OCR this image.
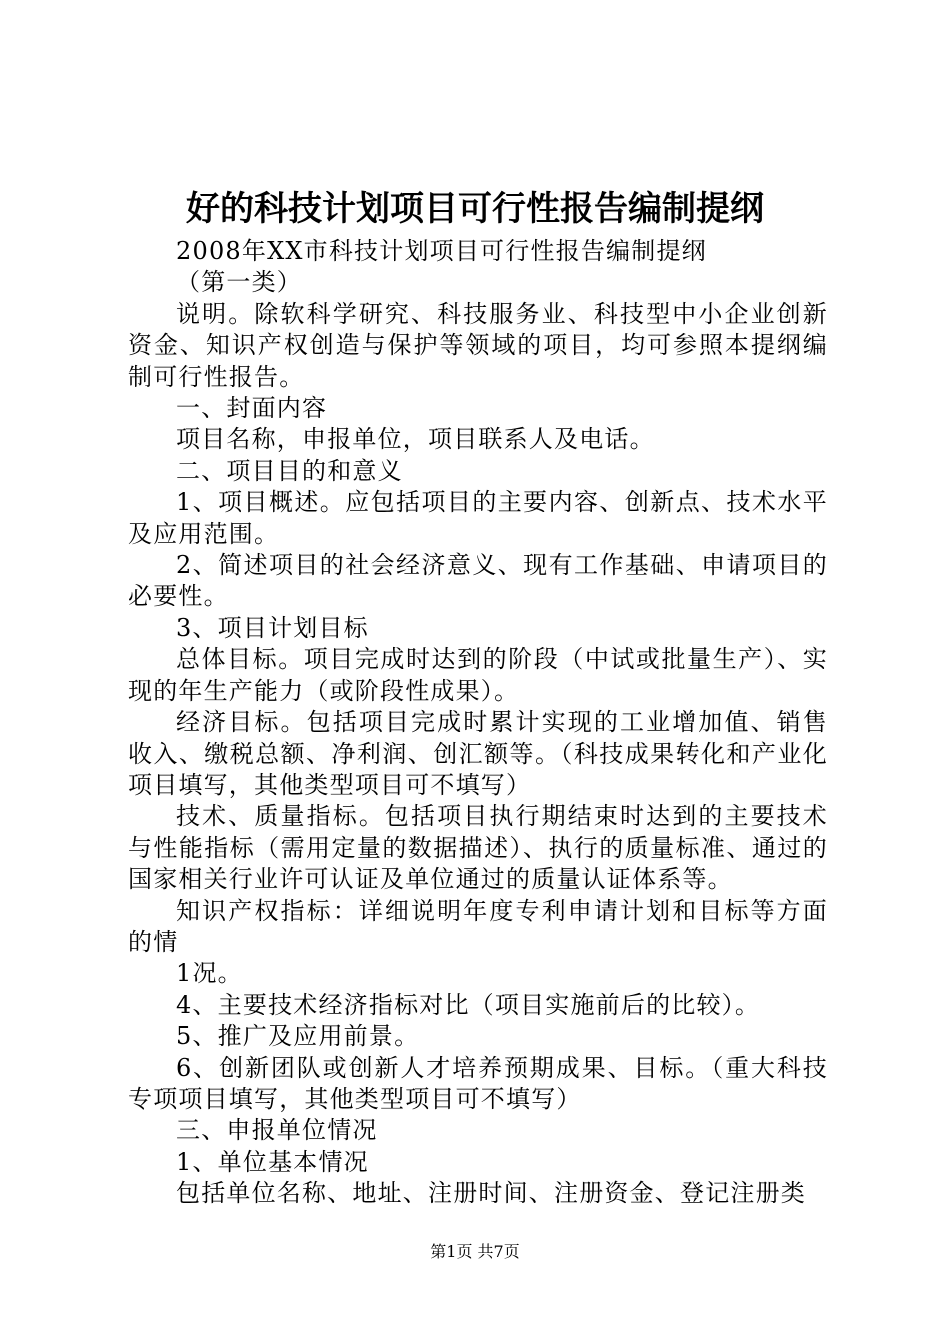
好的科技计划项目可行性报告编制提纲

2008年XX市科技计划项目可行性报告编制提纲

（第一类）

说明。除软科学研究、科技服务业、科技型中小企业创新资金、知识产权创造与保护等领域的项目，均可参照本提纲编制可行性报告。

一、封面内容

项目名称，申报单位，项目联系人及电话。

二、项目目的和意义

1、项目概述。应包括项目的主要内容、创新点、技术水平及应用范围。

2、简述项目的社会经济意义、现有工作基础、申请项目的必要性。

3、项目计划目标

总体目标。项目完成时达到的阶段（中试或批量生产）、实现的年生产能力（或阶段性成果）。

经济目标。包括项目完成时累计实现的工业增加值、销售收入、缴税总额、净利润、创汇额等。（科技成果转化和产业化项目填写，其他类型项目可不填写）

技术、质量指标。包括项目执行期结束时达到的主要技术与性能指标（需用定量的数据描述）、执行的质量标准、通过的国家相关行业许可认证及单位通过的质量认证体系等。

知识产权指标：详细说明年度专利申请计划和目标等方面的情

1况。

4、主要技术经济指标对比（项目实施前后的比较）。

5、推广及应用前景。

6、创新团队或创新人才培养预期成果、目标。（重大科技专项项目填写，其他类型项目可不填写）

三、申报单位情况

1、单位基本情况

包括单位名称、地址、注册时间、注册资金、登记注册类

第1页 共7页
